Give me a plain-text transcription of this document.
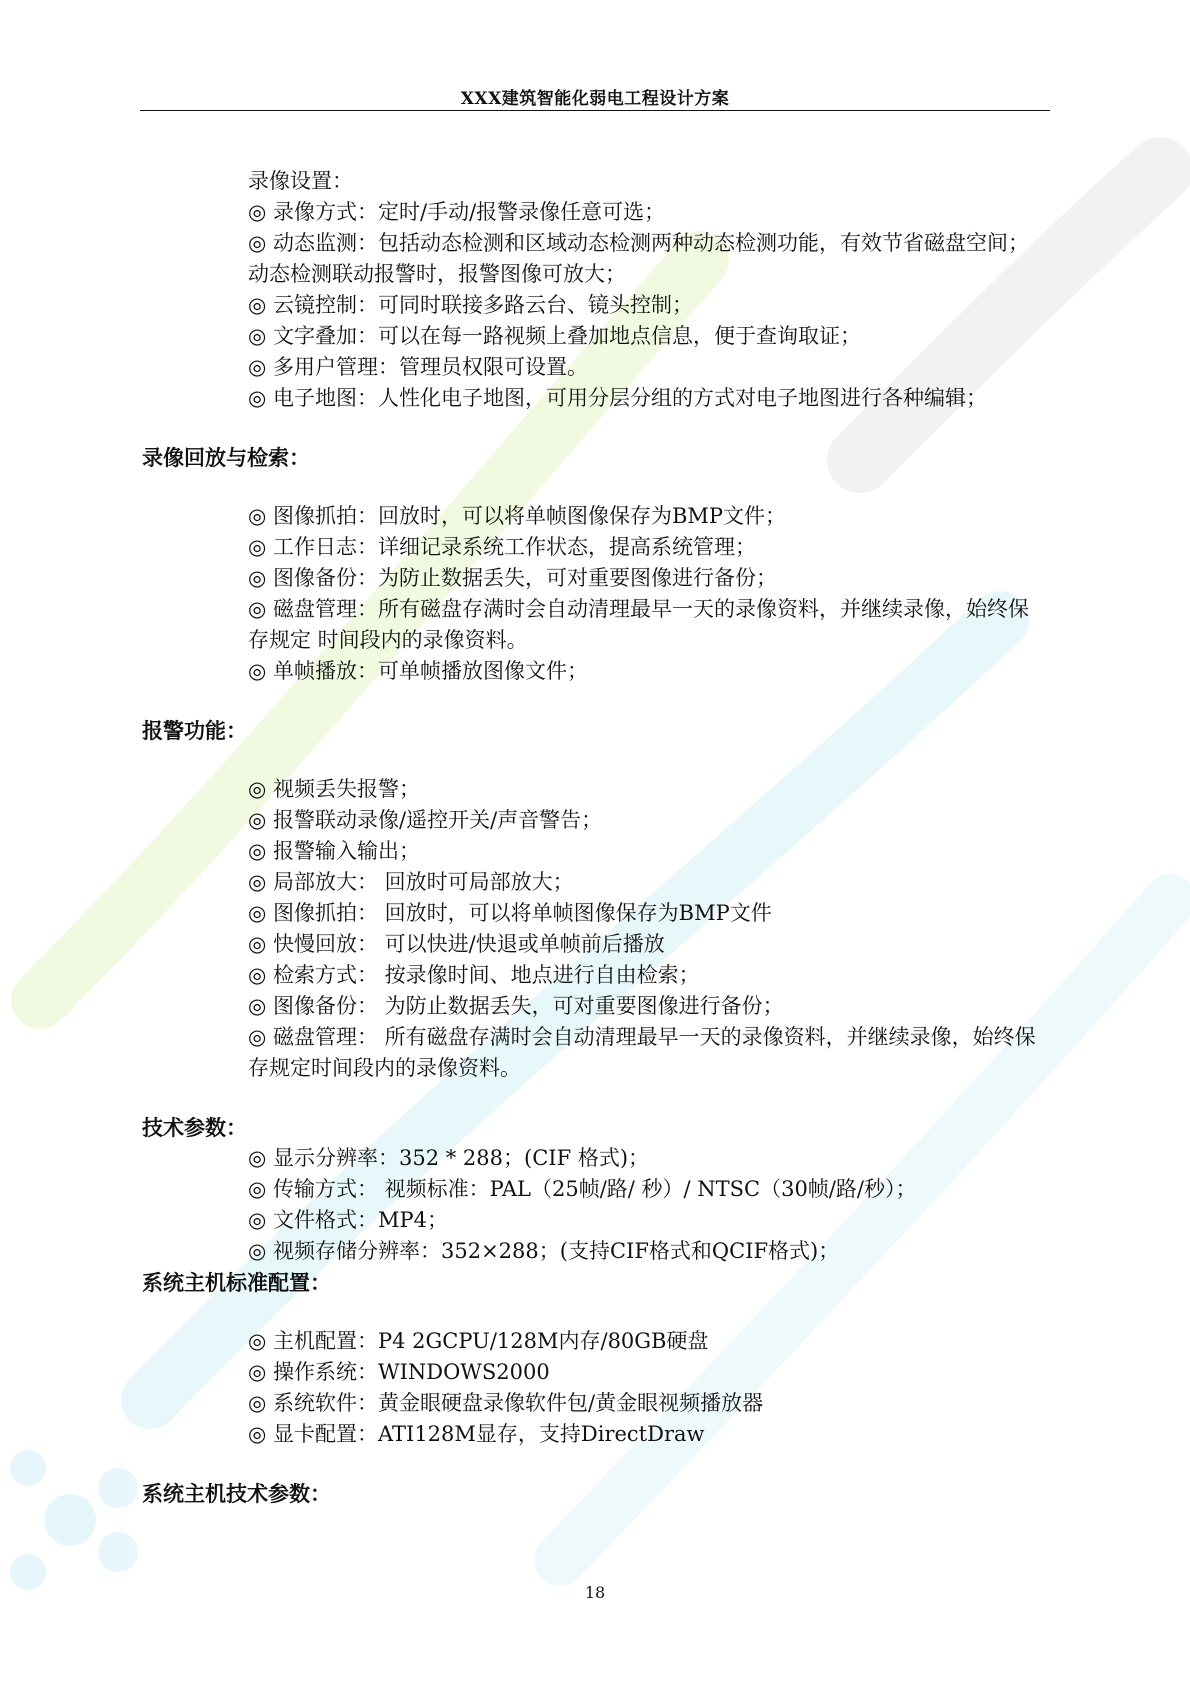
XXX建筑智能化弱电工程设计方案
录像设置：
◎ 录像方式：定时/手动/报警录像任意可选；
◎ 动态监测：包括动态检测和区域动态检测两种动态检测功能，有效节省磁盘空间；动态检测联动报警时，报警图像可放大；
◎ 云镜控制：可同时联接多路云台、镜头控制；
◎ 文字叠加：可以在每一路视频上叠加地点信息，便于查询取证；
◎ 多用户管理：管理员权限可设置。
◎ 电子地图：人性化电子地图，可用分层分组的方式对电子地图进行各种编辑；
录像回放与检索：
◎ 图像抓拍：回放时，可以将单帧图像保存为BMP文件；
◎ 工作日志：详细记录系统工作状态，提高系统管理；
◎ 图像备份：为防止数据丢失，可对重要图像进行备份；
◎ 磁盘管理：所有磁盘存满时会自动清理最早一天的录像资料，并继续录像，始终保存规定 时间段内的录像资料。
◎ 单帧播放：可单帧播放图像文件；
报警功能：
◎ 视频丢失报警；
◎ 报警联动录像/遥控开关/声音警告；
◎ 报警输入输出；
◎ 局部放大： 回放时可局部放大；
◎ 图像抓拍： 回放时，可以将单帧图像保存为BMP文件
◎ 快慢回放： 可以快进/快退或单帧前后播放
◎ 检索方式： 按录像时间、地点进行自由检索；
◎ 图像备份： 为防止数据丢失，可对重要图像进行备份；
◎ 磁盘管理： 所有磁盘存满时会自动清理最早一天的录像资料，并继续录像，始终保存规定时间段内的录像资料。
技术参数：
◎ 显示分辨率：352 * 288；(CIF 格式)；
◎ 传输方式： 视频标准：PAL（25帧/路/ 秒）/ NTSC（30帧/路/秒）；
◎ 文件格式：MP4；
◎ 视频存储分辨率：352×288；(支持CIF格式和QCIF格式)；
系统主机标准配置：
◎ 主机配置：P4 2GCPU/128M内存/80GB硬盘
◎ 操作系统：WINDOWS2000
◎ 系统软件：黄金眼硬盘录像软件包/黄金眼视频播放器
◎ 显卡配置：ATI128M显存，支持DirectDraw
系统主机技术参数：
18
